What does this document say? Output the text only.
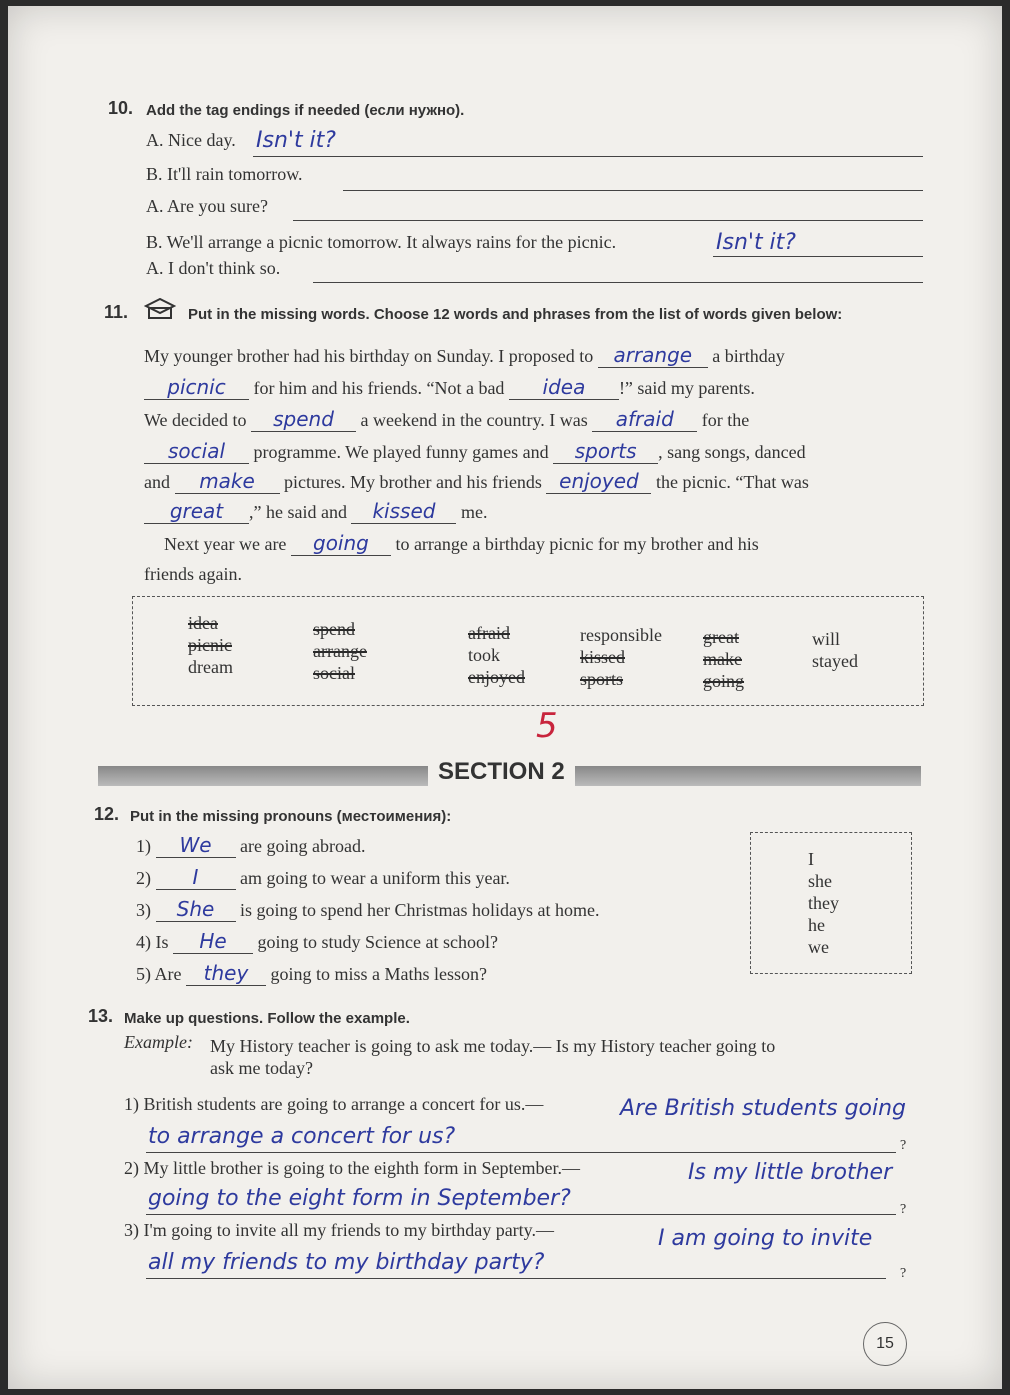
10. Add the tag endings if needed (если нужно).
A. Nice day. Isn't it?
B. It'll rain tomorrow.
A. Are you sure?
B. We'll arrange a picnic tomorrow. It always rains for the picnic.	Isn't it?
A. I don't think so.
11.	Put in the missing words. Choose 12 words and phrases from the list of words given below:
My younger brother had his birthday on Sunday. I proposed to arrange a birthday
picnic for him and his friends. “Not a bad idea !” said my parents.
We decided to spend a weekend in the country. I was afraid for the
social programme. We played funny games and sports , sang songs, danced
and make pictures. My brother and his friends enjoyed the picnic. “That was
great ,” he said and kissed me.
Next year we are going to arrange a birthday picnic for my brother and his
friends again.
idea
picnic
dream
spend
arrange
social
afraid
took
enjoyed
responsible
kissed
sports
great
make
going
will
stayed
5
SECTION 2
12. Put in the missing pronouns (местоимения):
1) We are going abroad.
2) I am going to wear a uniform this year.
3) She is going to spend her Christmas holidays at home.
4) Is He going to study Science at school?
5) Are they going to miss a Maths lesson?
I
she
they
he
we
13. Make up questions. Follow the example.
Example: My History teacher is going to ask me today.— Is my History teacher going to
ask me today?
1) British students are going to arrange a concert for us.—	Are British students going
to arrange a concert for us?	?
2) My little brother is going to the eighth form in September.—	Is my little brother
going to the eight form in September?	?
3) I'm going to invite all my friends to my birthday party.—	I am going to invite
all my friends to my birthday party?	?
15
